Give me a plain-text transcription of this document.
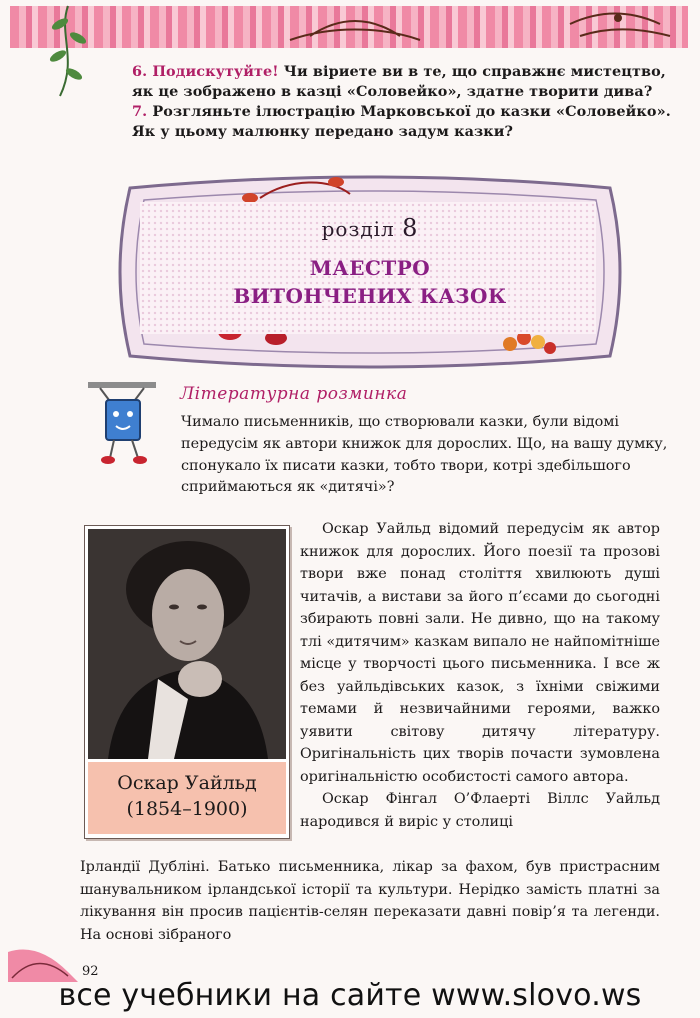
6. Подискутуйте! Чи віриете ви в те, що справжнє мистецтво, як це зображено в казці «Соловейко», здатне творити дива?
7. Розгляньте ілюстрацію Марковської до казки «Соловейко». Як у цьому малюнку передано задум казки?
розділ 8
МАЕСТРО
ВИТОНЧЕНИХ КАЗОК
Літературна розминка
Чимало письменників, що створювали казки, були відомі передусім як автори книжок для дорослих. Що, на вашу думку, спонукало їх писати казки, тобто твори, котрі здебільшого сприймаються як «дитячі»?
Оскар Уайльд
(1854–1900)

Оскар Уайльд відомий передусім як автор книжок для дорослих. Його поезії та прозові твори вже понад століття хвилюють душі читачів, а вистави за його п’єсами до сьогодні збирають повні зали. Не дивно, що на такому тлі «дитячим» казкам випало не найпомітніше місце у творчості цього письменника. І все ж без уайльдівських казок, з їхніми свіжими темами й незвичайними героями, важко уявити світову дитячу літературу. Оригінальність цих творів почасти зумовлена оригінальністю особистості самого автора.

Оскар Фінгал О’Флаерті Віллс Уайльд народився й виріс у столиці

Ірландії Дубліні. Батько письменника, лікар за фахом, був пристрасним шанувальником ірландської історії та культури. Нерідко замість платні за лікування він просив пацієнтів-селян переказати давні повір’я та легенди. На основі зібраного
92
все учебники на сайте www.slovo.ws
